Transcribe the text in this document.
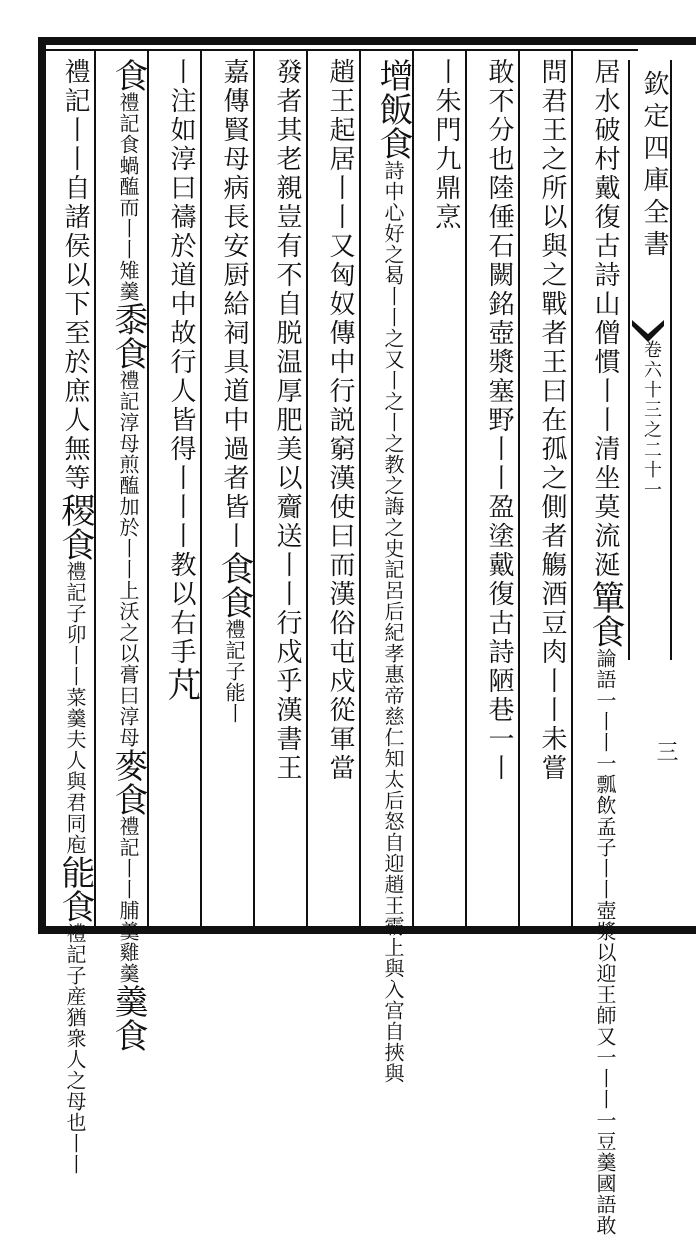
欽定四庫全書
卷六十三之二十一
三
居水破村戴復古詩山僧慣丨丨清坐莫流涎簞食論語一丨丨一瓢飲孟子丨丨壺漿以迎王師又一丨丨一豆羹國語敢
問君王之所以與之戰者王曰在孤之側者觴酒豆肉丨丨未嘗
敢不分也陸倕石闕銘壺漿塞野丨丨盈塗戴復古詩陋巷一丨
丨朱門九鼎烹
增飯食詩中心好之曷丨丨之又丨之丨之教之誨之史記呂后紀孝惠帝慈仁知太后怒自迎趙王霸上與入宫自挾與
趙王起居丨丨又匈奴傳中行説窮漢使曰而漢俗屯戍從軍當
發者其老親豈有不自脱温厚肥美以齎送丨丨行戍乎漢書王
嘉傳賢母病長安厨給祠具道中過者皆丨食食禮記子能丨
丨注如淳曰禱於道中故行人皆得丨丨丨教以右手芃
食禮記食蝸醢而丨丨雉羹黍食禮記淳母煎醢加於丨丨上沃之以膏曰淳母麥食禮記丨丨脯羹雞羹羹食
禮記丨丨自諸侯以下至於庶人無等稷食禮記子卯丨丨菜羹夫人與君同庖能食禮記子産猶衆人之母也丨丨
